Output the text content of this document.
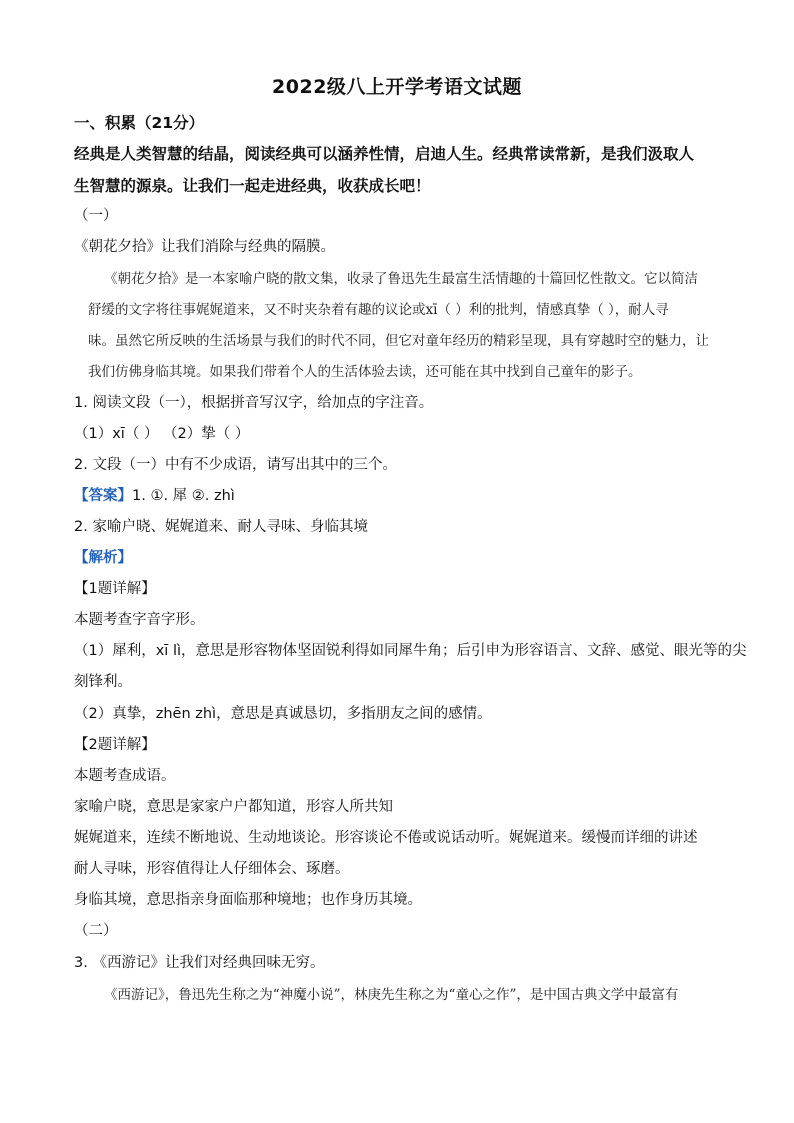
2022级八上开学考语文试题
一、积累（21分）
经典是人类智慧的结晶，阅读经典可以涵养性情，启迪人生。经典常读常新，是我们汲取人
生智慧的源泉。让我们一起走进经典，收获成长吧！
（一）
《朝花夕拾》让我们消除与经典的隔膜。
《朝花夕拾》是一本家喻户晓的散文集，收录了鲁迅先生最富生活情趣的十篇回忆性散文。它以简洁
舒缓的文字将往事娓娓道来，又不时夹杂着有趣的议论或xī（ ）利的批判，情感真挚（ ），耐人寻
味。虽然它所反映的生活场景与我们的时代不同，但它对童年经历的精彩呈现，具有穿越时空的魅力，让
我们仿佛身临其境。如果我们带着个人的生活体验去读，还可能在其中找到自己童年的影子。
1. 阅读文段（一），根据拼音写汉字，给加点的字注音。
（1）xī（ ） （2）挚（ ）
2. 文段（一）中有不少成语，请写出其中的三个。
【答案】1. ①. 犀 ②. zhì
2. 家喻户晓、娓娓道来、耐人寻味、身临其境
【解析】
【1题详解】
本题考查字音字形。
（1）犀利，xī lì，意思是形容物体坚固锐利得如同犀牛角；后引申为形容语言、文辞、感觉、眼光等的尖
刻锋利。
（2）真挚，zhēn zhì，意思是真诚恳切，多指朋友之间的感情。
【2题详解】
本题考查成语。
家喻户晓，意思是家家户户都知道，形容人所共知
娓娓道来，连续不断地说、生动地谈论。形容谈论不倦或说话动听。娓娓道来。缓慢而详细的讲述
耐人寻味，形容值得让人仔细体会、琢磨。
身临其境，意思指亲身面临那种境地；也作身历其境。
（二）
3. 《西游记》让我们对经典回味无穷。
《西游记》，鲁迅先生称之为“神魔小说”，林庚先生称之为“童心之作”，是中国古典文学中最富有
